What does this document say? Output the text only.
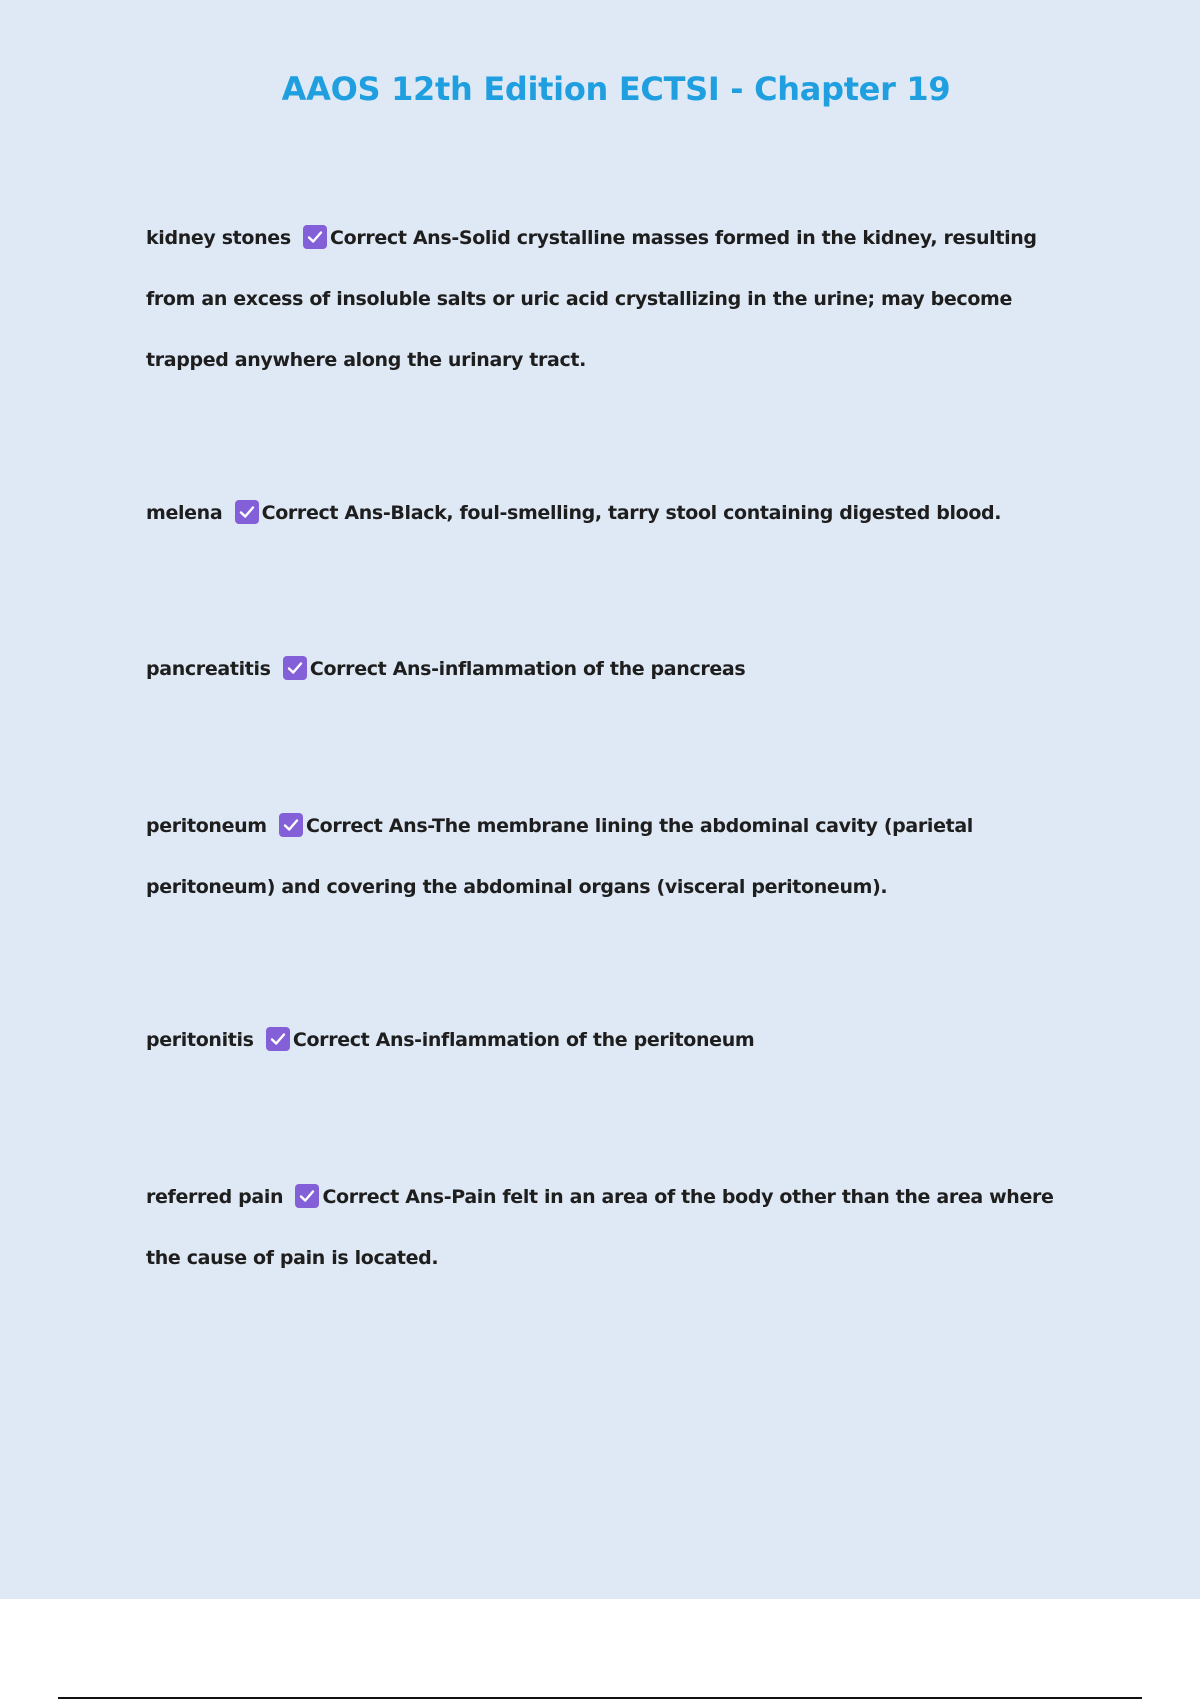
AAOS 12th Edition ECTSI - Chapter 19

kidney stones Correct Ans-Solid crystalline masses formed in the kidney, resulting from an excess of insoluble salts or uric acid crystallizing in the urine; may become trapped anywhere along the urinary tract.

melena Correct Ans-Black, foul-smelling, tarry stool containing digested blood.

pancreatitis Correct Ans-inflammation of the pancreas

peritoneum Correct Ans-The membrane lining the abdominal cavity (parietal peritoneum) and covering the abdominal organs (visceral peritoneum).

peritonitis Correct Ans-inflammation of the peritoneum

referred pain Correct Ans-Pain felt in an area of the body other than the area where the cause of pain is located.
